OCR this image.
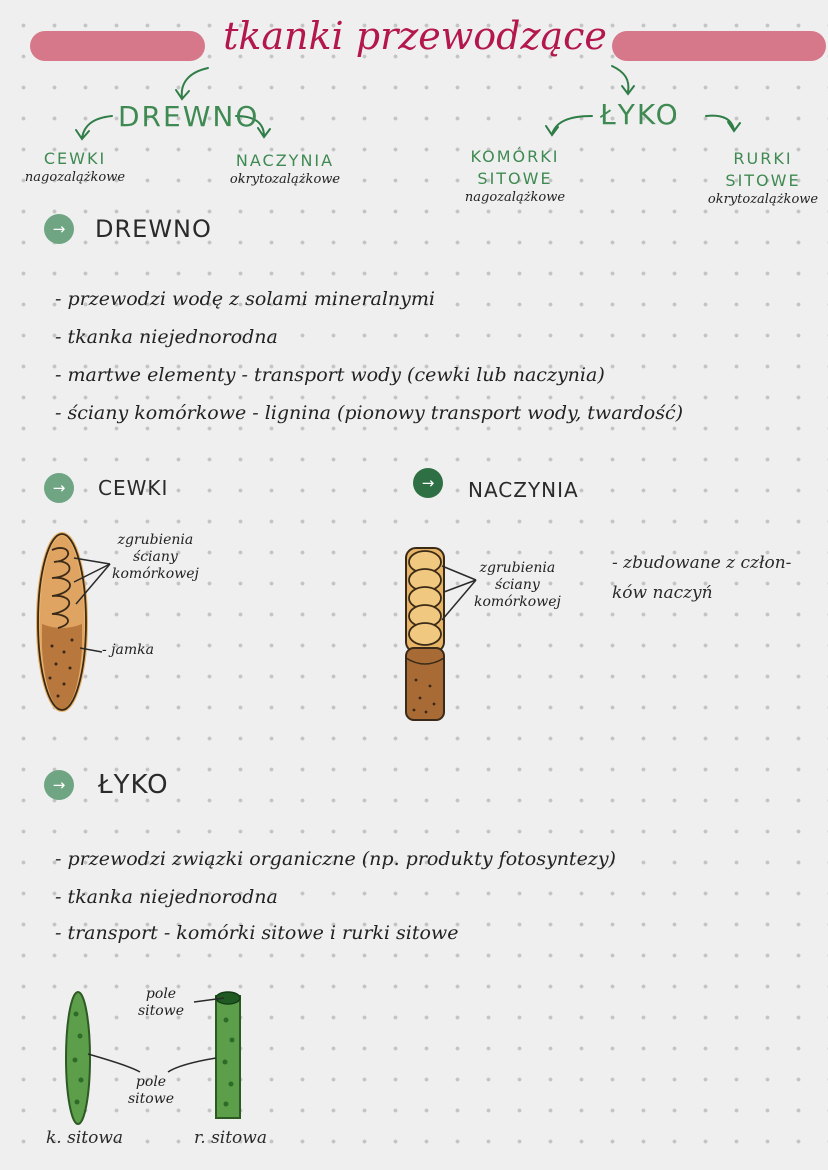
tkanki przewodzące
DREWNO	ŁYKO
CEWKI
nagozalążkowe
NACZYNIA
okrytozalążkowe
KOMÓRKI
SITOWE
nagozalążkowe
RURKI
SITOWE
okrytozalążkowe
→	DREWNO
- przewodzi wodę z solami mineralnymi
- tkanka niejednorodna
- martwe elementy - transport wody (cewki lub naczynia)
- ściany komórkowe - lignina (pionowy transport wody, twardość)
→	CEWKI
zgrubienia
ściany
komórkowej
- jamka
→	NACZYNIA
zgrubienia
ściany
komórkowej
- zbudowane z człon-
ków naczyń
→	ŁYKO
- przewodzi związki organiczne (np. produkty fotosyntezy)
- tkanka niejednorodna
- transport - komórki sitowe i rurki sitowe
pole
sitowe
pole
sitowe
k. sitowa	r. sitowa
